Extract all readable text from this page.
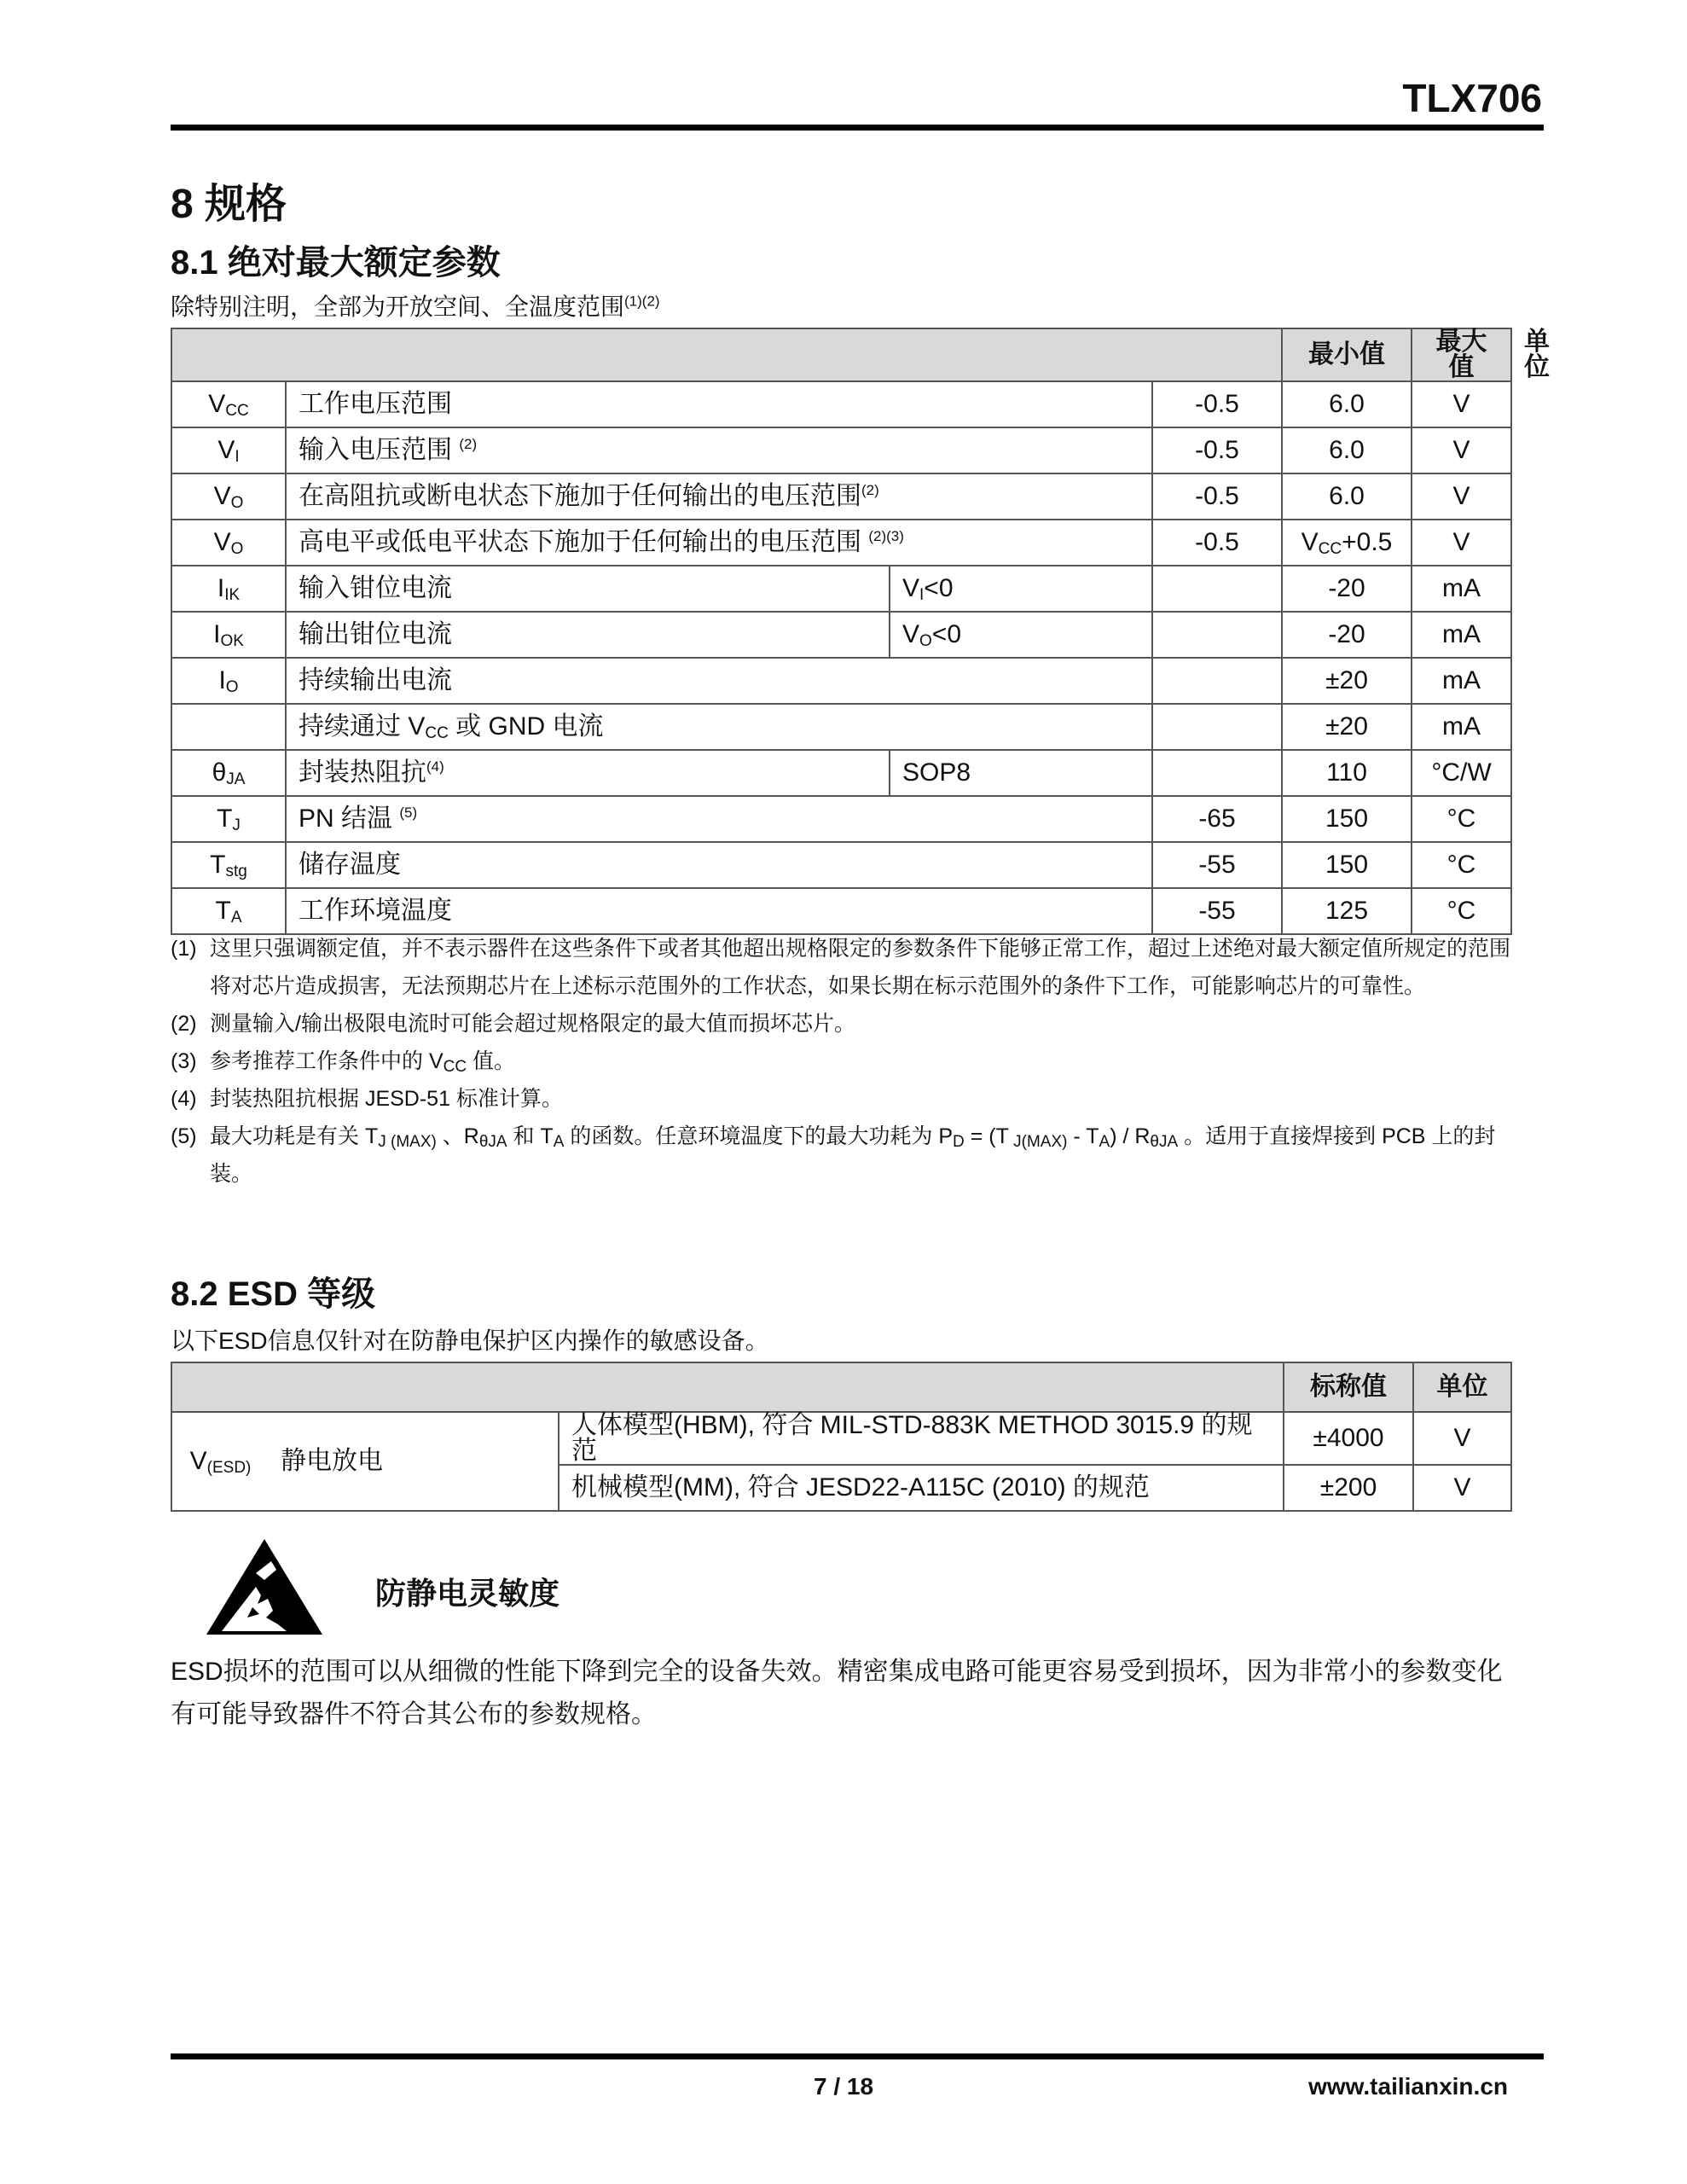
TLX706
8 规格
8.1 绝对最大额定参数
除特别注明，全部为开放空间、全温度范围$^{(1)(2)}$
				最小值	最大值	单位
$V_{CC}$	工作电压范围		-0.5	6.0	V	
$V_I$	输入电压范围 $^{(2)}$		-0.5	6.0	V	
$V_O$	在高阻抗或断电状态下施加于任何输出的电压范围$^{(2)}$		-0.5	6.0	V	
$V_O$	高电平或低电平状态下施加于任何输出的电压范围 $^{(2)(3)}$		-0.5	$V_{CC}+0.5$	V	
$I_{IK}$	输入钳位电流	$V_I<0$		-20	mA	
$I_{OK}$	输出钳位电流	$V_O<0$		-20	mA	
$I_O$	持续输出电流			±20	mA	
	持续通过 $V_{CC}$ 或 GND 电流			±20	mA	
$\theta_{JA}$	封装热阻抗$^{(4)}$	SOP8		110	°C/W	
$T_J$	PN 结温 $^{(5)}$		-65	150	°C	
$T_{stg}$	储存温度		-55	150	°C	
$T_A$	工作环境温度		-55	125	°C	
(1) 这里只强调额定值，并不表示器件在这些条件下或者其他超出规格限定的参数条件下能够正常工作，超过上述绝对最大额定值所规定的范围将对芯片造成损害，无法预期芯片在上述标示范围外的工作状态，如果长期在标示范围外的条件下工作，可能影响芯片的可靠性。
(2) 测量输入/输出极限电流时可能会超过规格限定的最大值而损坏芯片。
(3) 参考推荐工作条件中的 $V_{CC}$ 值。
(4) 封装热阻抗根据 JESD-51 标准计算。
(5) 最大功耗是有关 $T_{J (MAX)}$ 、$R_{\theta JA}$ 和 $T_A$ 的函数。任意环境温度下的最大功耗为 $P_D = (T$ $_{J(MAX)} - T_A) / R_{\theta JA}$ 。适用于直接焊接到 PCB 上的封装。
8.2 ESD 等级
以下ESD信息仅针对在防静电保护区内操作的敏感设备。
			标称值	单位
$V_{(ESD)}$	静电放电	人体模型(HBM), 符合 MIL-STD-883K METHOD 3015.9 的规范	±4000	V
		机械模型(MM), 符合 JESD22-A115C (2010) 的规范	±200	V
防静电灵敏度
ESD损坏的范围可以从细微的性能下降到完全的设备失效。精密集成电路可能更容易受到损坏，因为非常小的参数变化有可能导致器件不符合其公布的参数规格。
7 / 18	www.tailianxin.cn
